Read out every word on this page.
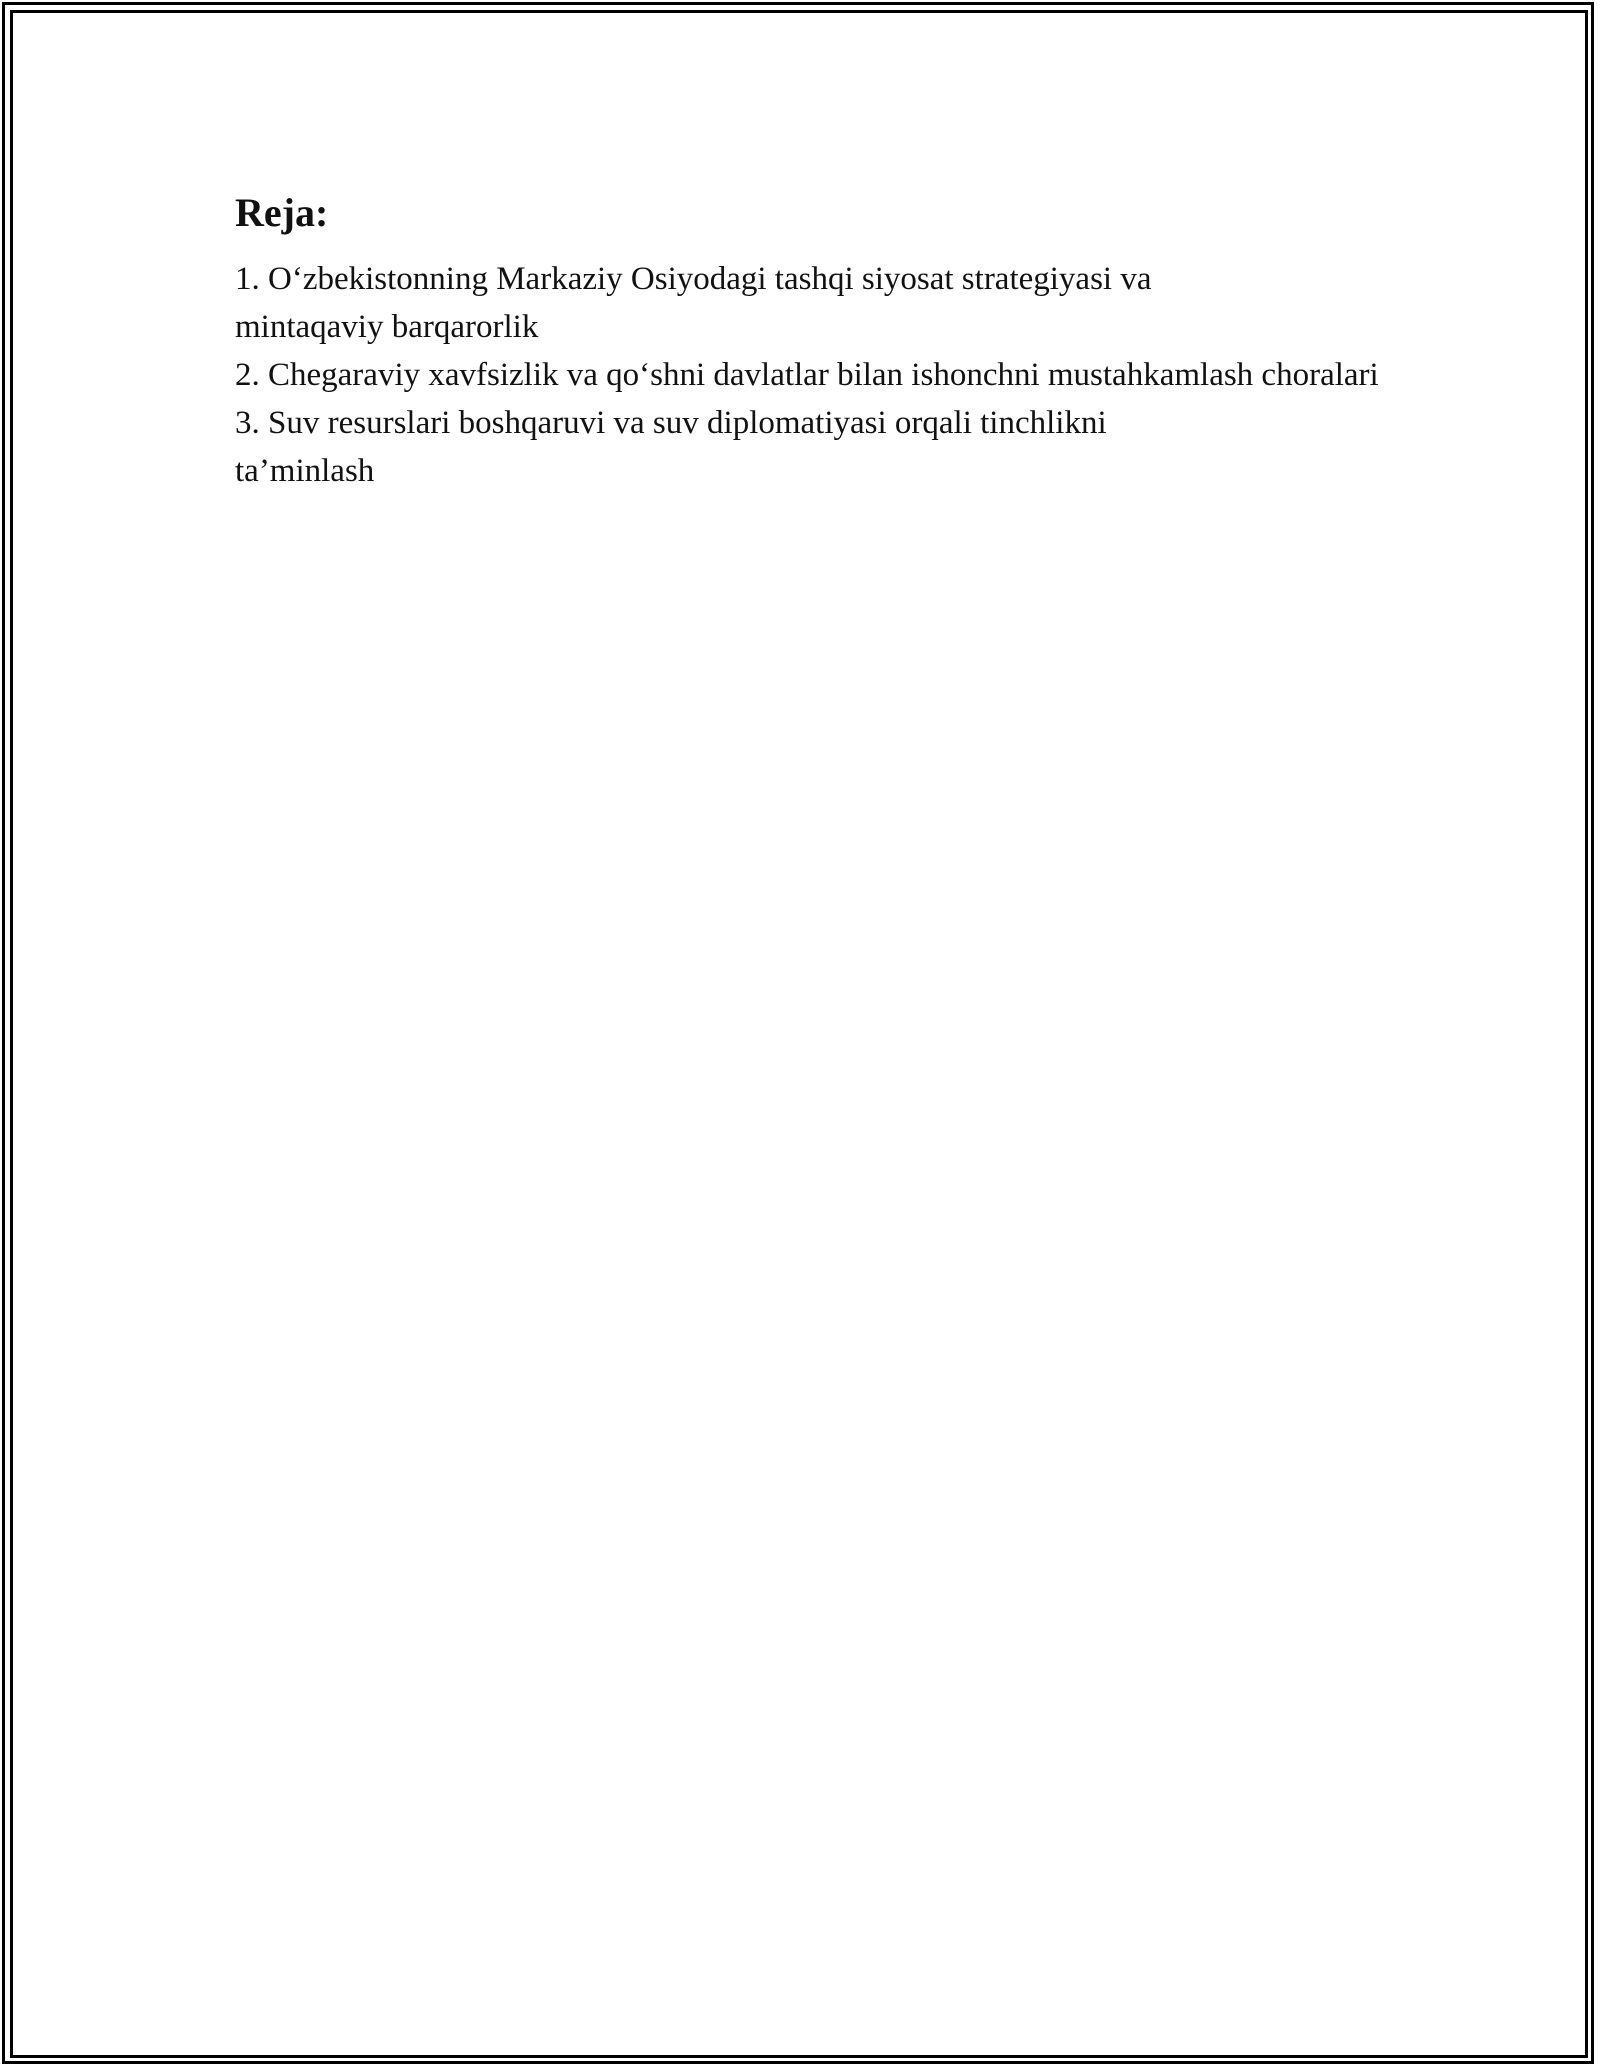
Reja:
1. O‘zbekistonning Markaziy Osiyodagi tashqi siyosat strategiyasi va mintaqaviy barqarorlik
2. Chegaraviy xavfsizlik va qo‘shni davlatlar bilan ishonchni mustahkamlash choralari
3. Suv resurslari boshqaruvi va suv diplomatiyasi orqali tinchlikni ta’minlash
